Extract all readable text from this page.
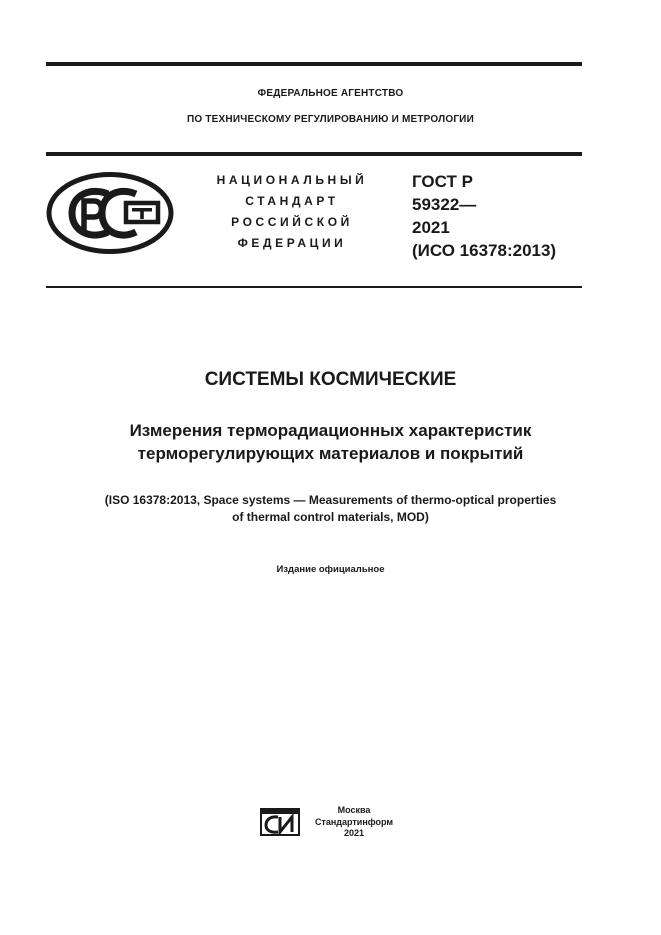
ФЕДЕРАЛЬНОЕ АГЕНТСТВО
ПО ТЕХНИЧЕСКОМУ РЕГУЛИРОВАНИЮ И МЕТРОЛОГИИ
НАЦИОНАЛЬНЫЙ
СТАНДАРТ
РОССИЙСКОЙ
ФЕДЕРАЦИИ
ГОСТ Р
59322—
2021
(ИСО 16378:2013)
СИСТЕМЫ КОСМИЧЕСКИЕ
Измерения терморадиационных характеристик
терморегулирующих материалов и покрытий
(ISO 16378:2013, Space systems — Measurements of thermo-optical properties
of thermal control materials, MOD)
Издание официальное
Москва
Стандартинформ
2021
